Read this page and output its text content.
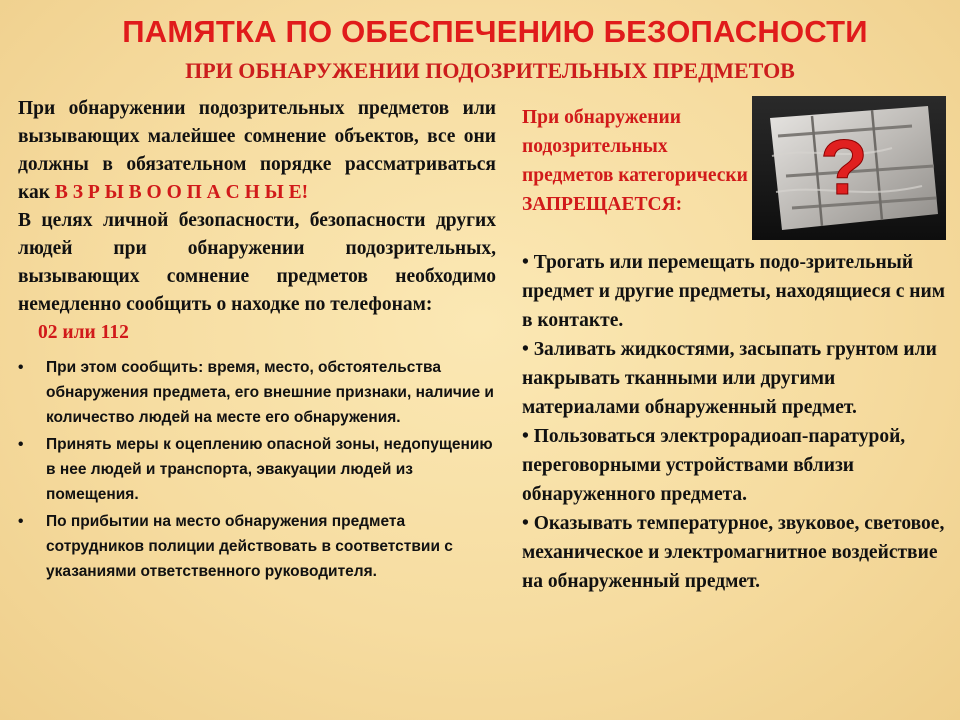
ПАМЯТКА ПО ОБЕСПЕЧЕНИЮ БЕЗОПАСНОСТИ
ПРИ ОБНАРУЖЕНИИ ПОДОЗРИТЕЛЬНЫХ ПРЕДМЕТОВ

При обнаружении подозрительных предметов или вызывающих малейшее сомнение объектов, все они должны в обязательном порядке рассматриваться как В З Р Ы В О О П А С Н Ы Е!

В целях личной безопасности, безопасности других людей при обнаружении подозрительных, вызывающих сомнение предметов необходимо немедленно сообщить о находке по телефонам:

02 или 112

• При этом сообщить: время, место, обстоятельства обнаружения предмета, его внешние признаки, наличие и количество людей на месте его обнаружения.
• Принять меры к оцеплению опасной зоны, недопущению в нее людей и транспорта, эвакуации людей из помещения.
• По прибытии на место обнаружения предмета сотрудников полиции действовать в соответствии с указаниями ответственного руководителя.
При обнаружении подозрительных предметов категорически ЗАПРЕЩАЕТСЯ:	?

• Трогать или перемещать подо-зрительный предмет и другие предметы, находящиеся с ним в контакте.

• Заливать жидкостями, засыпать грунтом или накрывать тканными или другими материалами обнаруженный предмет.

• Пользоваться электрорадиоап-паратурой, переговорными устройствами вблизи обнаруженного предмета.

• Оказывать температурное, звуковое, световое, механическое и электромагнитное воздействие на обнаруженный предмет.
